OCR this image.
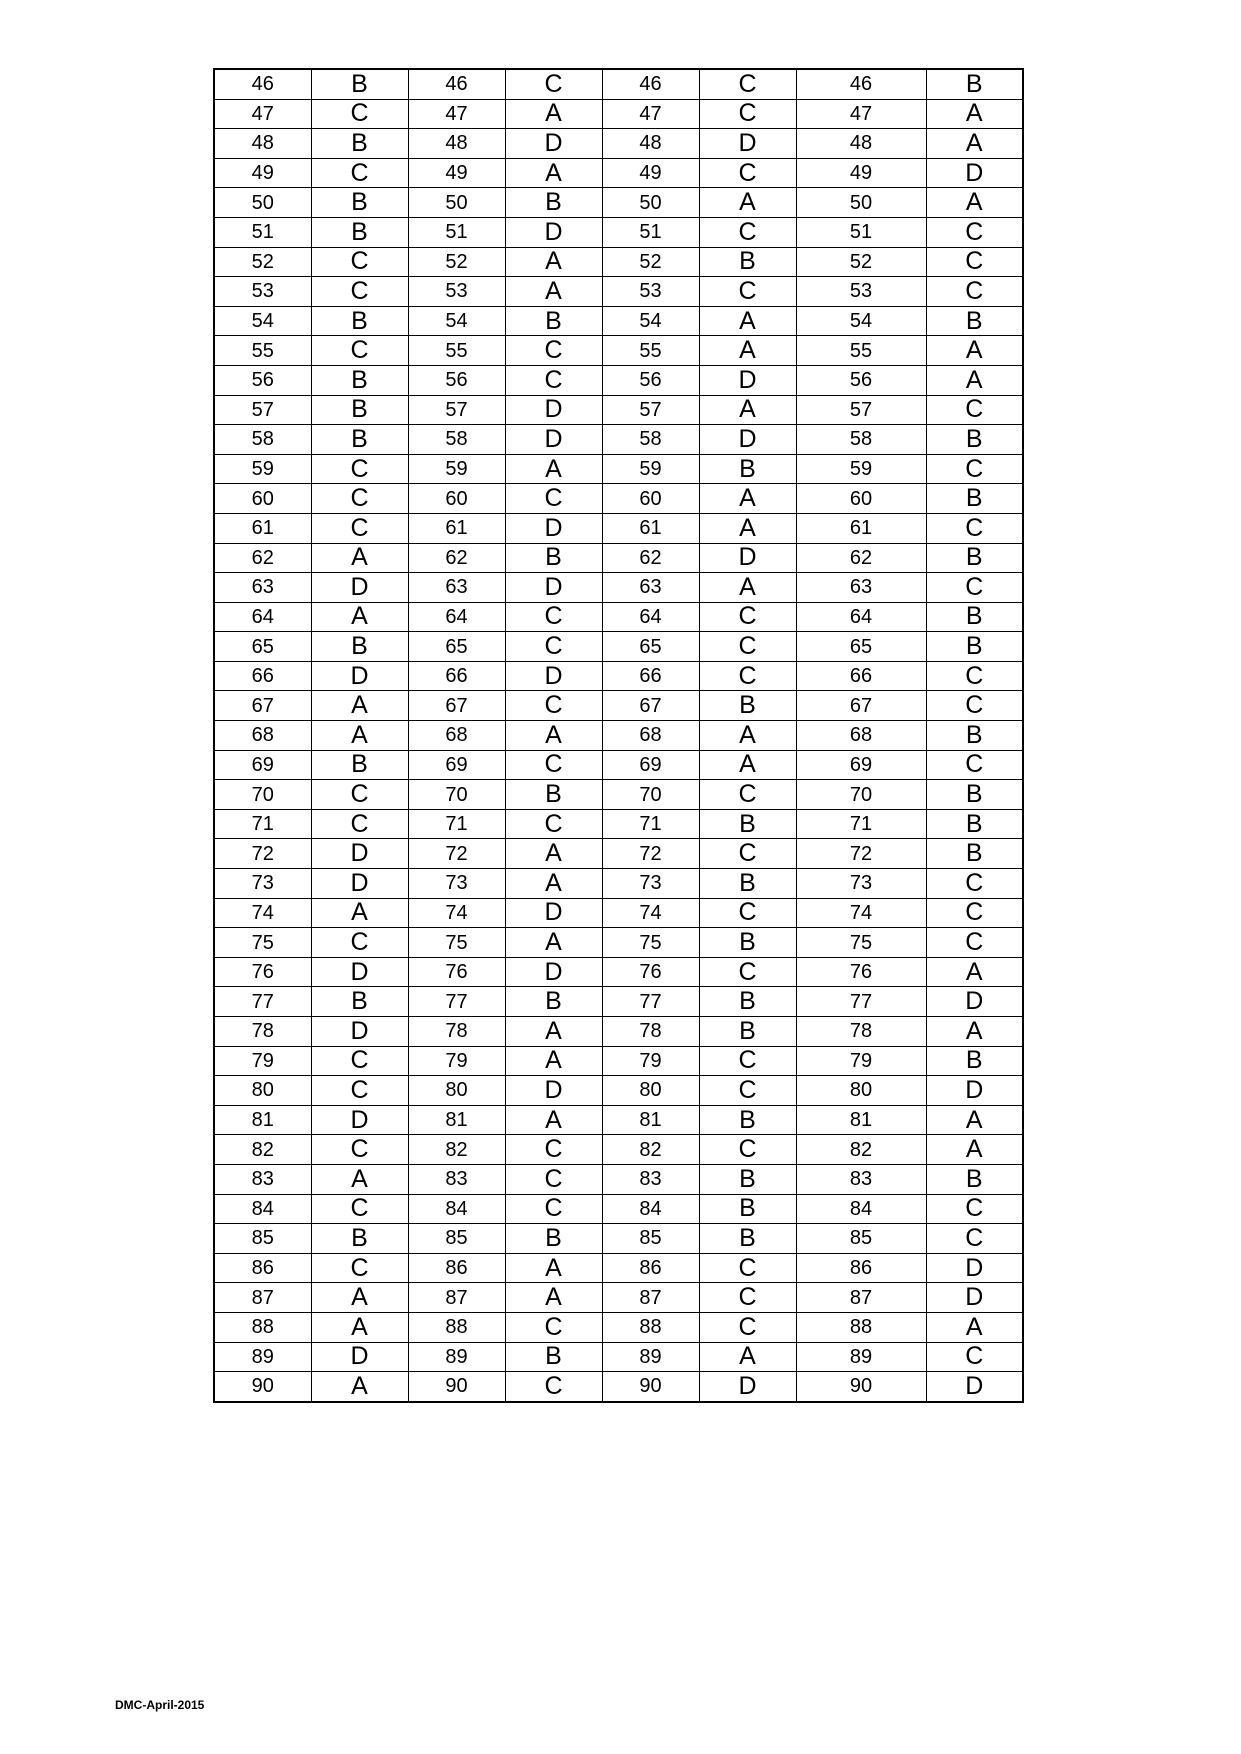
46	B	46	C	46	C	46	B
47	C	47	A	47	C	47	A
48	B	48	D	48	D	48	A
49	C	49	A	49	C	49	D
50	B	50	B	50	A	50	A
51	B	51	D	51	C	51	C
52	C	52	A	52	B	52	C
53	C	53	A	53	C	53	C
54	B	54	B	54	A	54	B
55	C	55	C	55	A	55	A
56	B	56	C	56	D	56	A
57	B	57	D	57	A	57	C
58	B	58	D	58	D	58	B
59	C	59	A	59	B	59	C
60	C	60	C	60	A	60	B
61	C	61	D	61	A	61	C
62	A	62	B	62	D	62	B
63	D	63	D	63	A	63	C
64	A	64	C	64	C	64	B
65	B	65	C	65	C	65	B
66	D	66	D	66	C	66	C
67	A	67	C	67	B	67	C
68	A	68	A	68	A	68	B
69	B	69	C	69	A	69	C
70	C	70	B	70	C	70	B
71	C	71	C	71	B	71	B
72	D	72	A	72	C	72	B
73	D	73	A	73	B	73	C
74	A	74	D	74	C	74	C
75	C	75	A	75	B	75	C
76	D	76	D	76	C	76	A
77	B	77	B	77	B	77	D
78	D	78	A	78	B	78	A
79	C	79	A	79	C	79	B
80	C	80	D	80	C	80	D
81	D	81	A	81	B	81	A
82	C	82	C	82	C	82	A
83	A	83	C	83	B	83	B
84	C	84	C	84	B	84	C
85	B	85	B	85	B	85	C
86	C	86	A	86	C	86	D
87	A	87	A	87	C	87	D
88	A	88	C	88	C	88	A
89	D	89	B	89	A	89	C
90	A	90	C	90	D	90	D
DMC-April-2015
